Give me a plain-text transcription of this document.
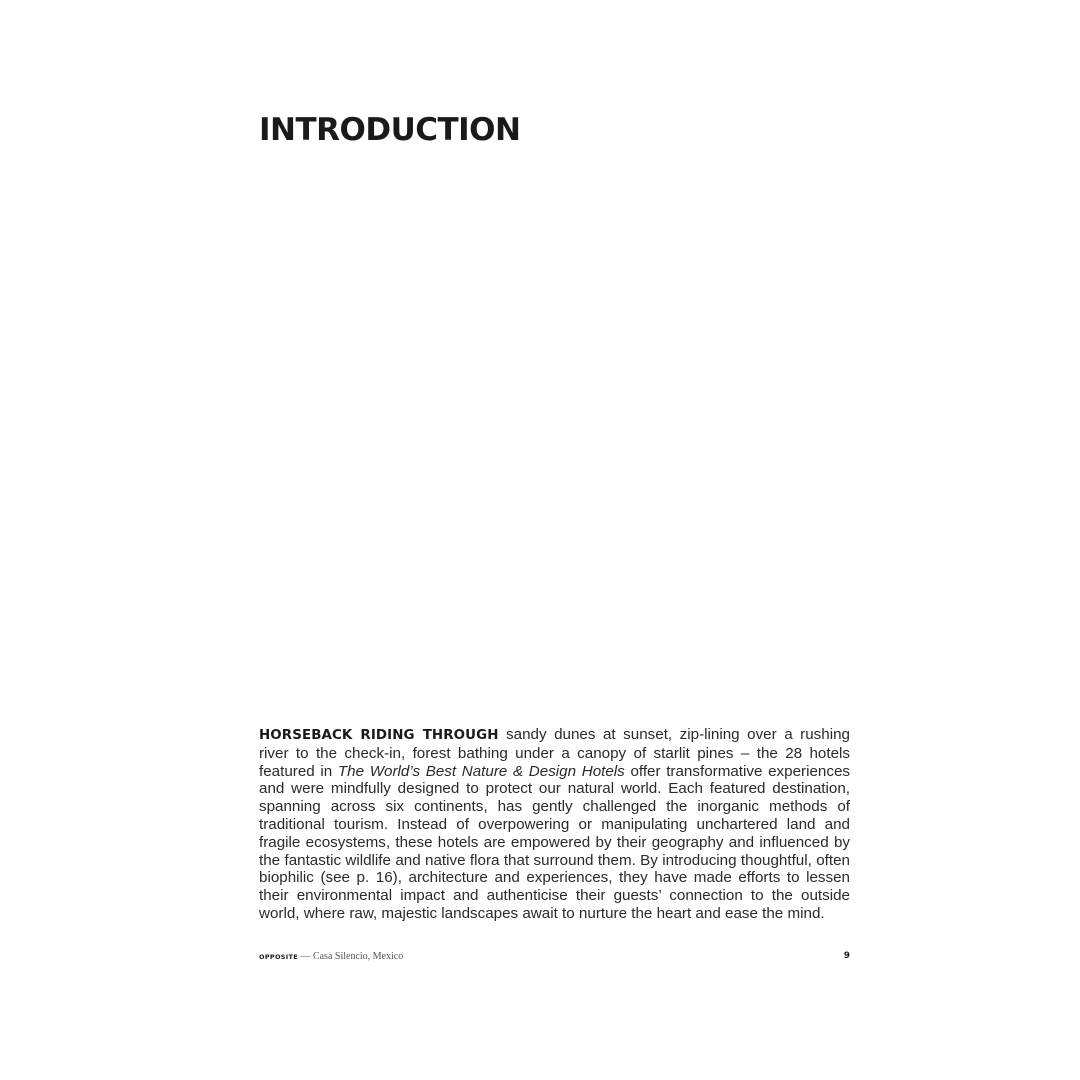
INTRODUCTION

HORSEBACK RIDING THROUGH sandy dunes at sunset, zip-lining over a rushing river to the check-in, forest bathing under a canopy of starlit pines – the 28 hotels featured in The World’s Best Nature & Design Hotels offer transformative experiences and were mindfully designed to protect our natural world. Each featured destination, spanning across six continents, has gently challenged the inorganic methods of traditional tourism. Instead of overpowering or manipulating unchartered land and fragile ecosystems, these hotels are empowered by their geography and influenced by the fantastic wildlife and native flora that surround them. By introducing thoughtful, often biophilic (see p. 16), architecture and experiences, they have made efforts to lessen their environmental impact and authenticise their guests’ connection to the outside world, where raw, majestic landscapes await to nurture the heart and ease the mind.

OPPOSITE — Casa Silencio, Mexico	9
